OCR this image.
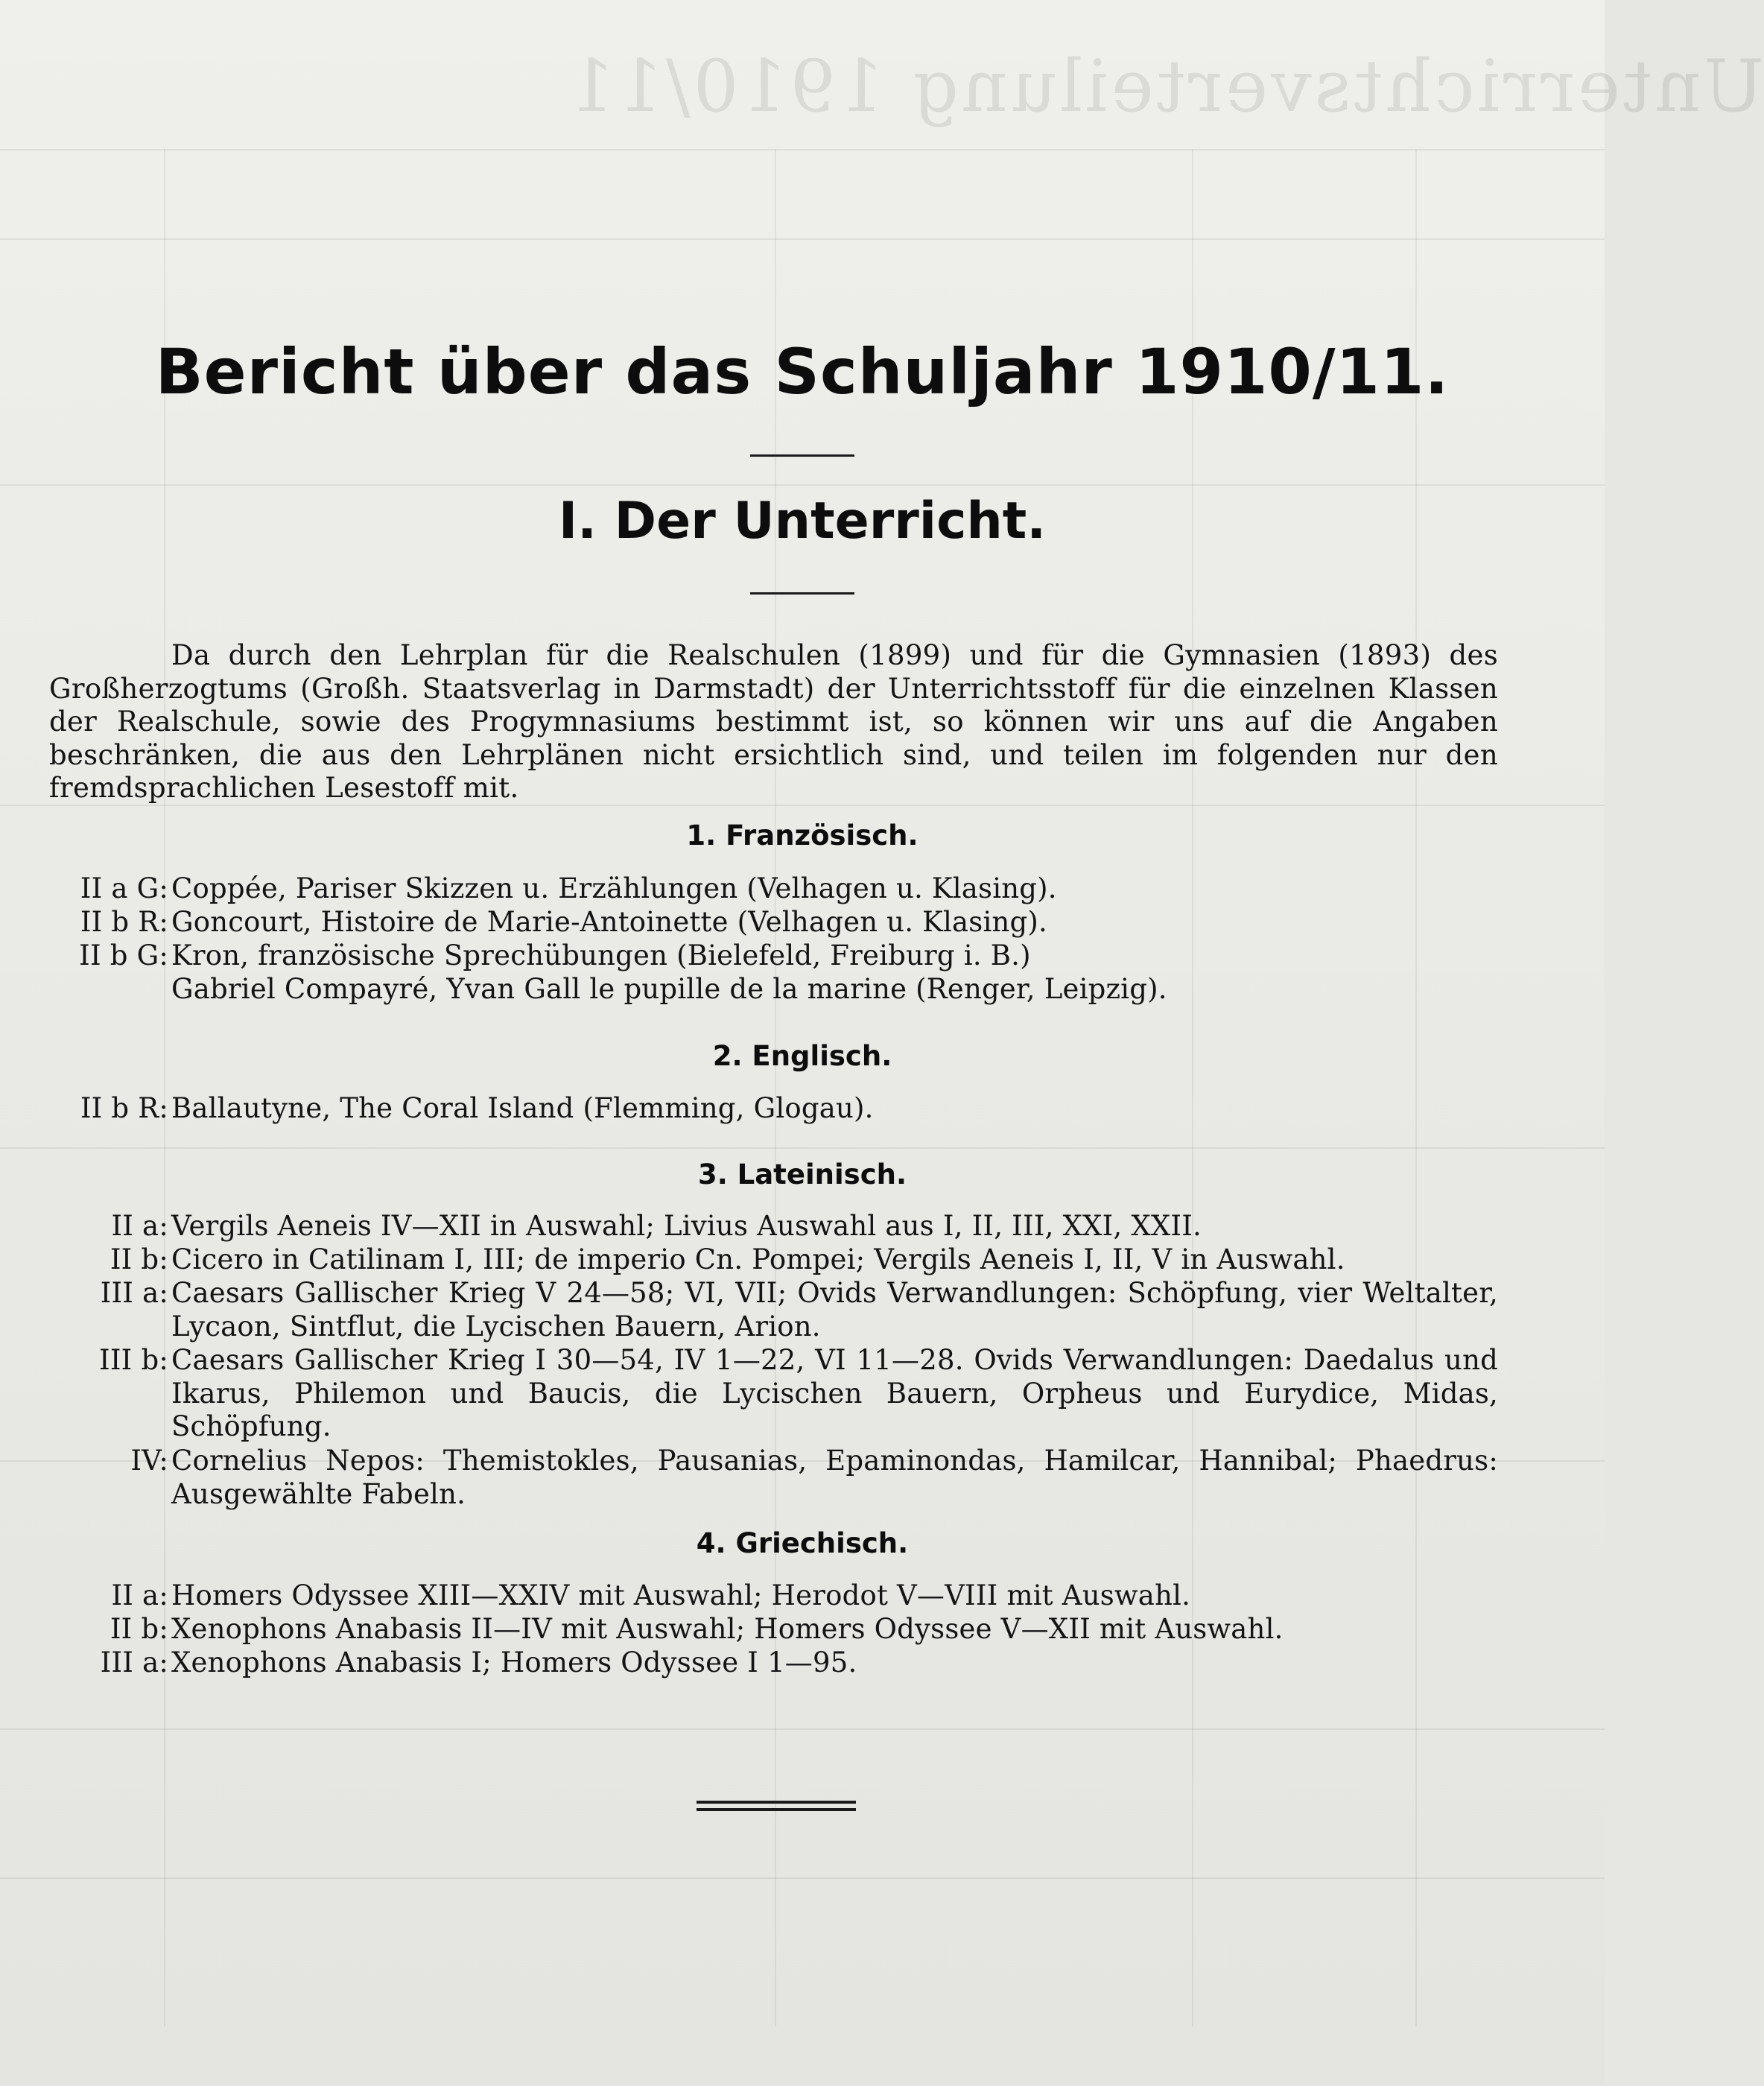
Unterrichtsverteilung 1910/11
Bericht über das Schuljahr 1910/11.
I. Der Unterricht.

Da durch den Lehrplan für die Realschulen (1899) und für die Gymnasien (1893) des Großherzogtums (Großh. Staatsverlag in Darmstadt) der Unterrichtsstoff für die einzelnen Klassen der Realschule, sowie des Progymnasiums bestimmt ist, so können wir uns auf die Angaben beschränken, die aus den Lehrplänen nicht ersichtlich sind, und teilen im folgenden nur den fremdsprachlichen Lesestoff mit.

1. Französisch.
II a G: Coppée, Pariser Skizzen u. Erzählungen (Velhagen u. Klasing).
II b R: Goncourt, Histoire de Marie-Antoinette (Velhagen u. Klasing).
II b G: Kron, französische Sprechübungen (Bielefeld, Freiburg i. B.)
Gabriel Compayré, Yvan Gall le pupille de la marine (Renger, Leipzig).
2. Englisch.
II b R: Ballautyne, The Coral Island (Flemming, Glogau).
3. Lateinisch.
II a: Vergils Aeneis IV—XII in Auswahl; Livius Auswahl aus I, II, III, XXI, XXII.
II b: Cicero in Catilinam I, III; de imperio Cn. Pompei; Vergils Aeneis I, II, V in Auswahl.
III a: Caesars Gallischer Krieg V 24—58; VI, VII; Ovids Verwandlungen: Schöpfung, vier Weltalter, Lycaon, Sintflut, die Lycischen Bauern, Arion.
III b: Caesars Gallischer Krieg I 30—54, IV 1—22, VI 11—28. Ovids Verwandlungen: Daedalus und Ikarus, Philemon und Baucis, die Lycischen Bauern, Orpheus und Eurydice, Midas, Schöpfung.
IV: Cornelius Nepos: Themistokles, Pausanias, Epaminondas, Hamilcar, Hannibal; Phaedrus: Ausgewählte Fabeln.
4. Griechisch.
II a: Homers Odyssee XIII—XXIV mit Auswahl; Herodot V—VIII mit Auswahl.
II b: Xenophons Anabasis II—IV mit Auswahl; Homers Odyssee V—XII mit Auswahl.
III a: Xenophons Anabasis I; Homers Odyssee I 1—95.
